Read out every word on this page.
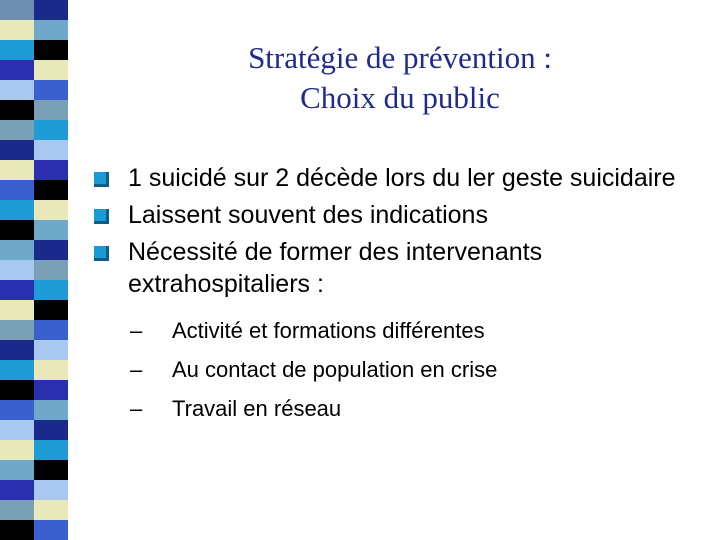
Stratégie de prévention :
Choix du public
1 suicidé sur 2 décède lors du ler geste suicidaire
Laissent souvent des indications
Nécessité de former des intervenants extrahospitaliers :
– Activité et formations différentes
– Au contact de population en crise
– Travail en réseau
